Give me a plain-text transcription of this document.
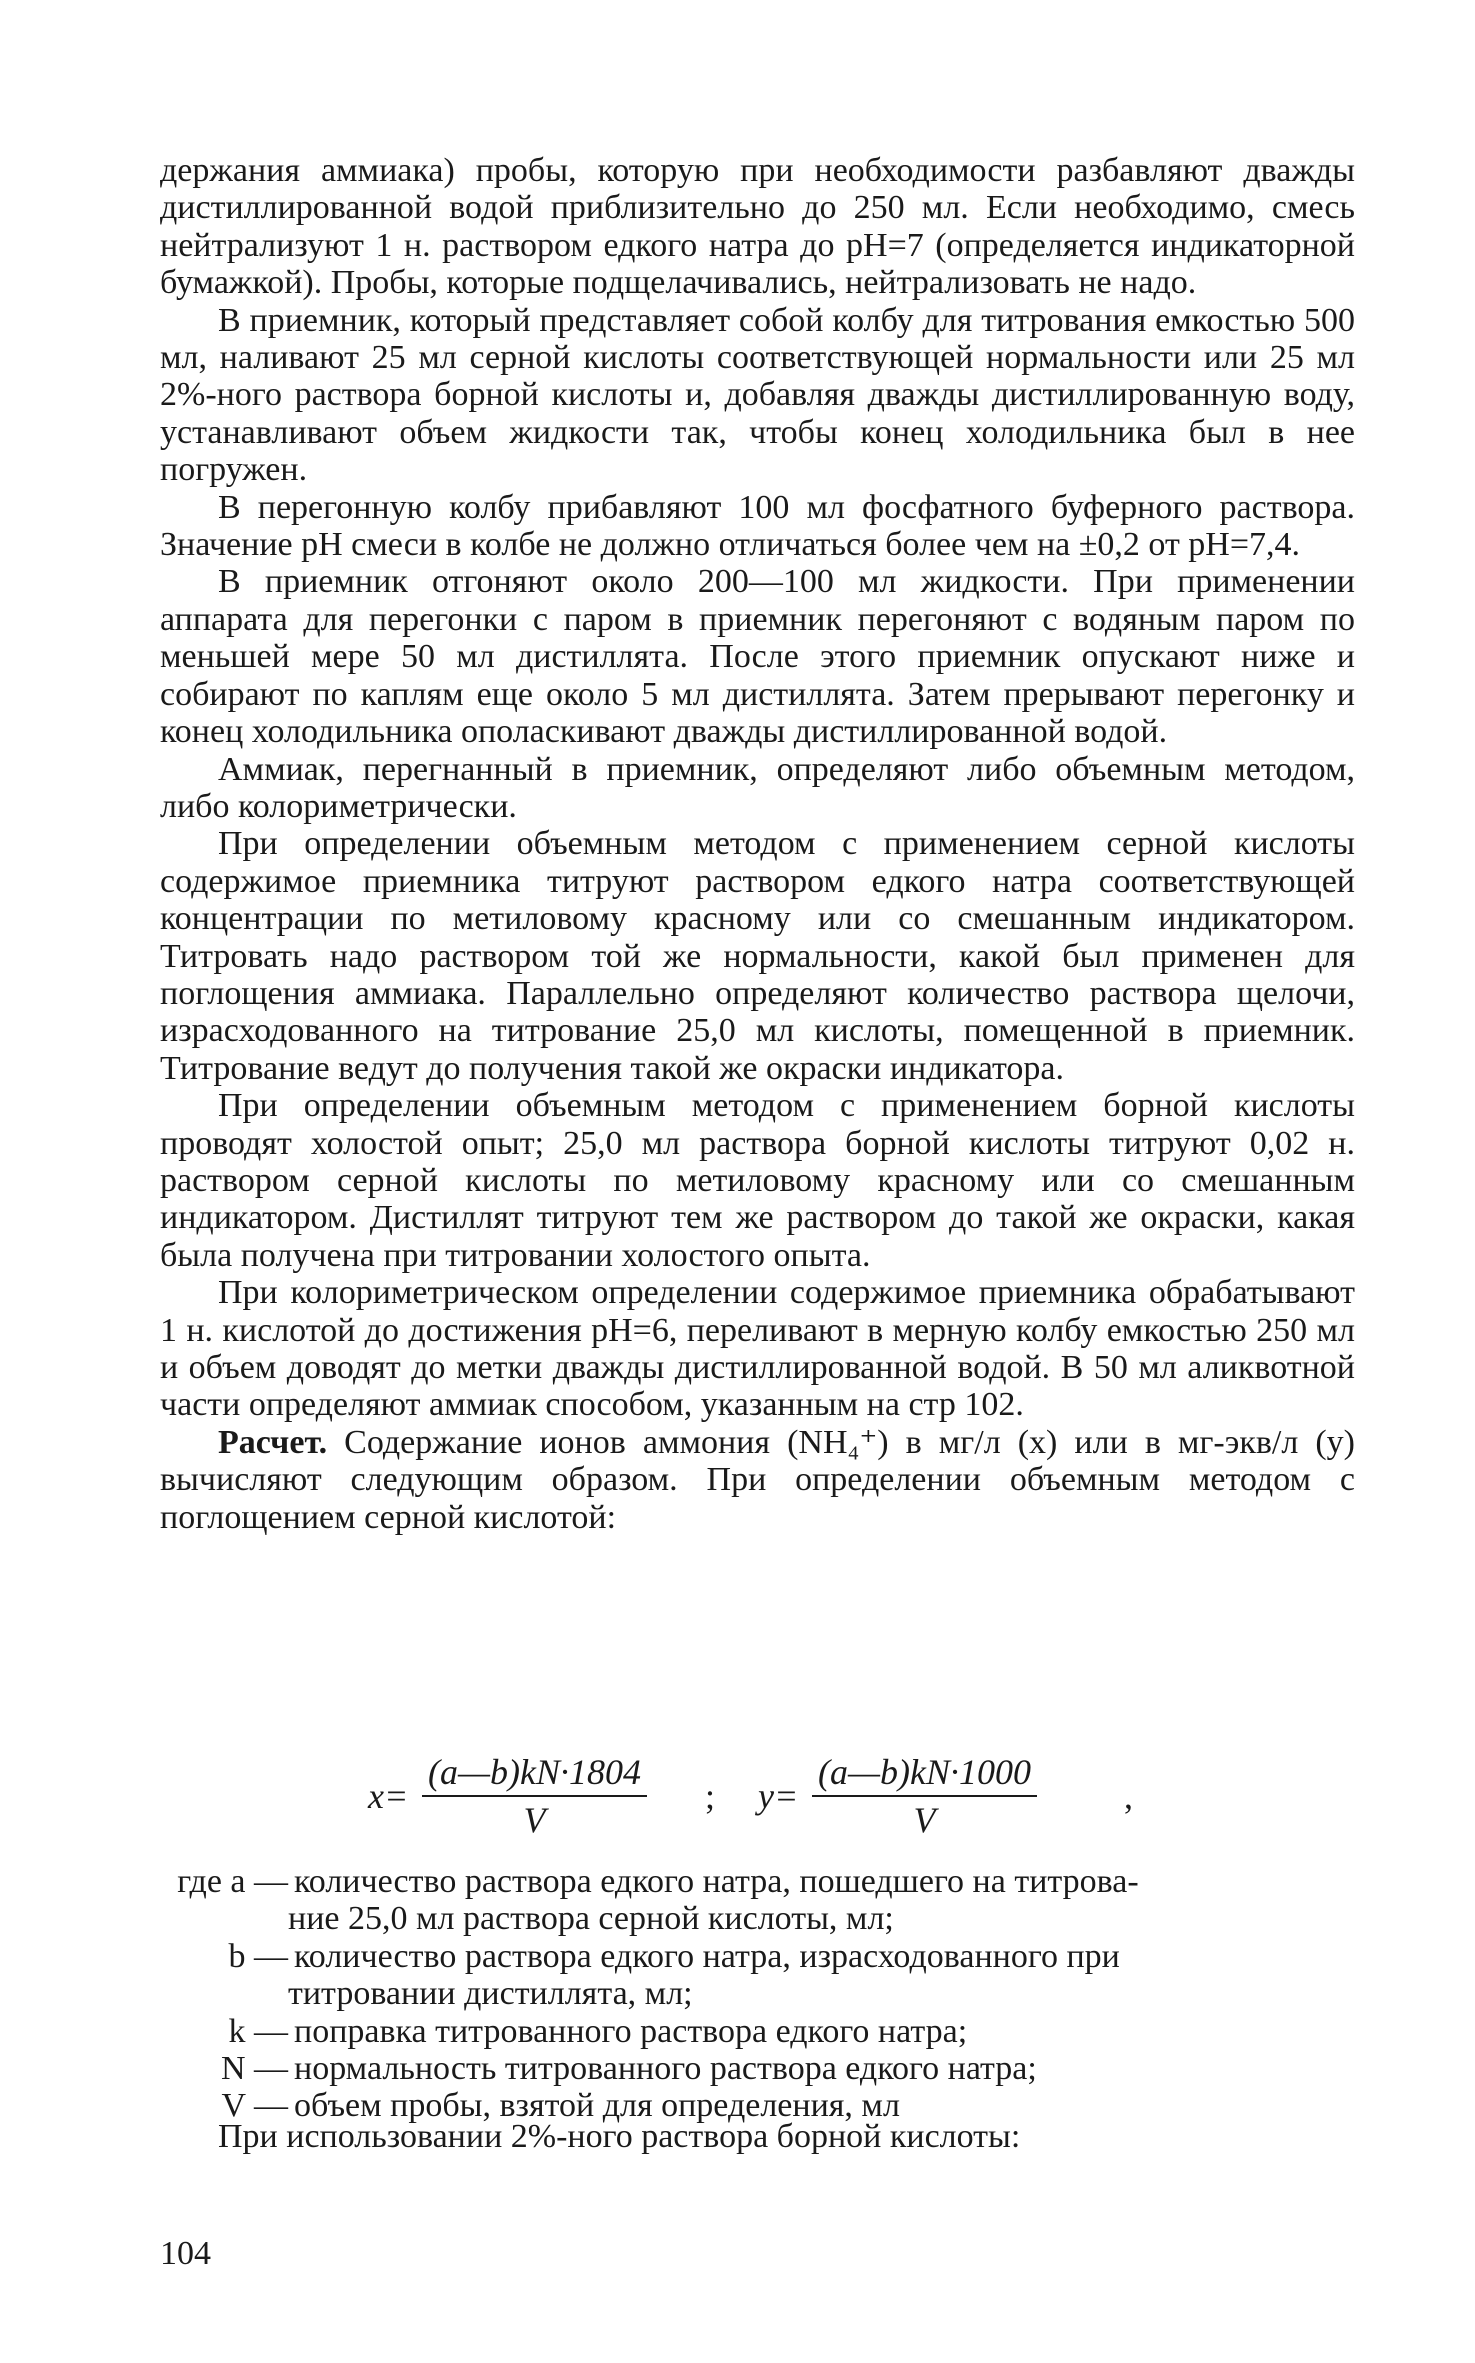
держания аммиака) пробы, которую при необходимости разбавляют дважды дистиллированной водой приблизительно до 250 мл. Если необходимо, смесь нейтрализуют 1 н. раствором едкого натра до pH=7 (определяется индикаторной бумажкой). Пробы, которые подщелачивались, нейтрализовать не надо.

В приемник, который представляет собой колбу для титрования емкостью 500 мл, наливают 25 мл серной кислоты соответствующей нормальности или 25 мл 2%-ного раствора борной кислоты и, добавляя дважды дистиллированную воду, устанавливают объем жидкости так, чтобы конец холодильника был в нее погружен.

В перегонную колбу прибавляют 100 мл фосфатного буферного раствора. Значение pH смеси в колбе не должно отличаться более чем на ±0,2 от pH=7,4.

В приемник отгоняют около 200—100 мл жидкости. При применении аппарата для перегонки с паром в приемник перегоняют с водяным паром по меньшей мере 50 мл дистиллята. После этого приемник опускают ниже и собирают по каплям еще около 5 мл дистиллята. Затем прерывают перегонку и конец холодильника ополаскивают дважды дистиллированной водой.

Аммиак, перегнанный в приемник, определяют либо объемным методом, либо колориметрически.

При определении объемным методом с применением серной кислоты содержимое приемника титруют раствором едкого натра соответствующей концентрации по метиловому красному или со смешанным индикатором. Титровать надо раствором той же нормальности, какой был применен для поглощения аммиака. Параллельно определяют количество раствора щелочи, израсходованного на титрование 25,0 мл кислоты, помещенной в приемник. Титрование ведут до получения такой же окраски индикатора.

При определении объемным методом с применением борной кислоты проводят холостой опыт; 25,0 мл раствора борной кислоты титруют 0,02 н. раствором серной кислоты по метиловому красному или со смешанным индикатором. Дистиллят титруют тем же раствором до такой же окраски, какая была получена при титровании холостого опыта.

При колориметрическом определении содержимое приемника обрабатывают 1 н. кислотой до достижения pH=6, переливают в мерную колбу емкостью 250 мл и объем доводят до метки дважды дистиллированной водой. В 50 мл аликвотной части определяют аммиак способом, указанным на стр 102.

Расчет. Содержание ионов аммония (NH₄⁺) в мг/л (x) или в мг-экв/л (y) вычисляют следующим образом. При определении объемным методом с поглощением серной кислотой:

$x= \frac{(a—b)kN\cdot 1804}{V}$ ; $y= \frac{(a—b)kN\cdot 1000}{V}$ ,
где a — количество раствора едкого натра, пошедшего на титрова-
ние 25,0 мл раствора серной кислоты, мл;
b — количество раствора едкого натра, израсходованного при
титровании дистиллята, мл;
k — поправка титрованного раствора едкого натра;
N — нормальность титрованного раствора едкого натра;
V — объем пробы, взятой для определения, мл
При использовании 2%-ного раствора борной кислоты:
104
